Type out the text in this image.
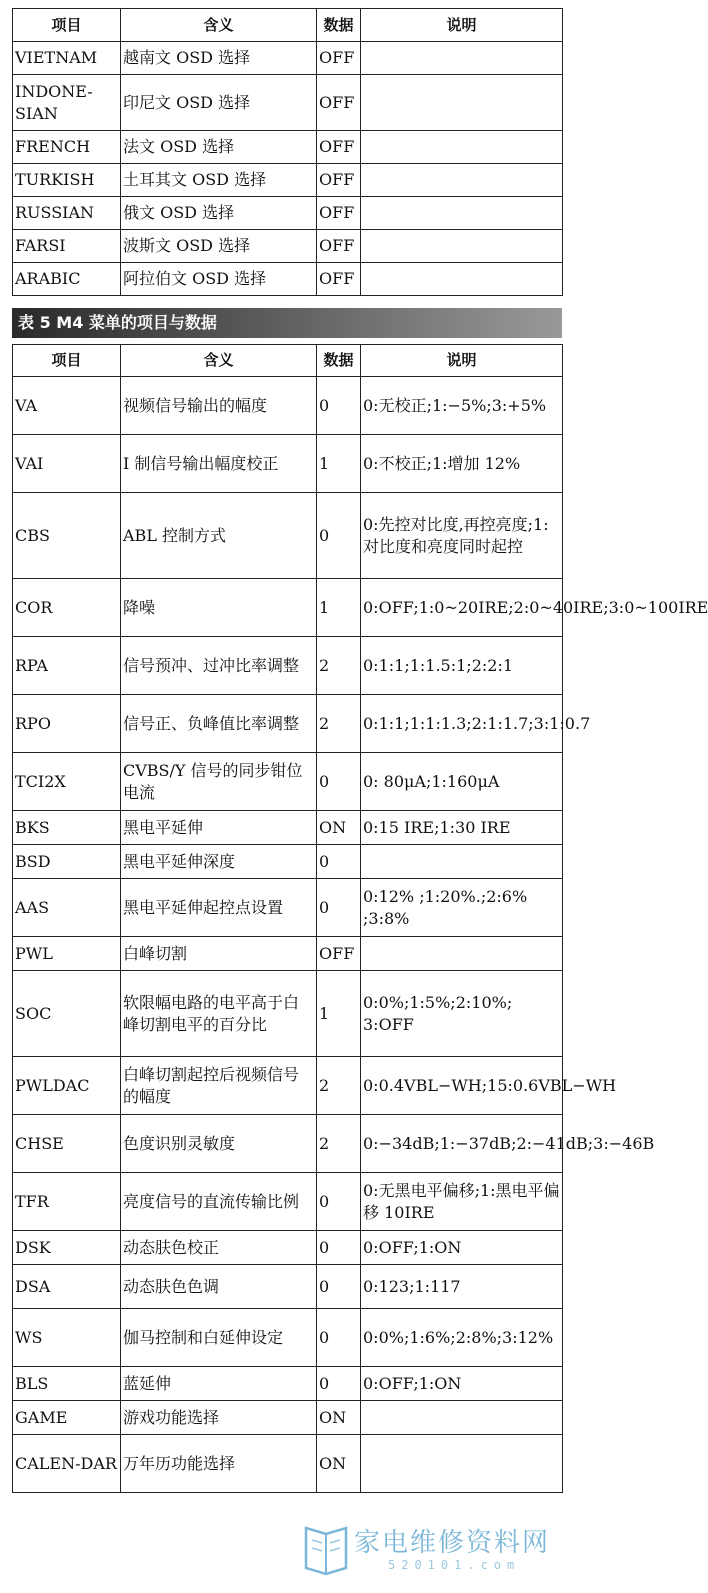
项目	含义	数据	说明
VIETNAM	越南文 OSD 选择	OFF	
INDONE-SIAN	印尼文 OSD 选择	OFF	
FRENCH	法文 OSD 选择	OFF	
TURKISH	土耳其文 OSD 选择	OFF	
RUSSIAN	俄文 OSD 选择	OFF	
FARSI	波斯文 OSD 选择	OFF	
ARABIC	阿拉伯文 OSD 选择	OFF	
表 5 M4 菜单的项目与数据
项目	含义	数据	说明
VA	视频信号输出的幅度	0	0:无校正;1:−5%;3:+5%
VAI	I 制信号输出幅度校正	1	0:不校正;1:增加 12%
CBS	ABL 控制方式	0	0:先控对比度,再控亮度;1:对比度和亮度同时起控
COR	降噪	1	0:OFF;1:0~20IRE;2:0~40IRE;3:0~100IRE
RPA	信号预冲、过冲比率调整	2	0:1:1;1:1.5:1;2:2:1
RPO	信号正、负峰值比率调整	2	0:1:1;1:1:1.3;2:1:1.7;3:1:0.7
TCI2X	CVBS/Y 信号的同步钳位电流	0	0: 80μA;1:160μA
BKS	黑电平延伸	ON	0:15 IRE;1:30 IRE
BSD	黑电平延伸深度	0	
AAS	黑电平延伸起控点设置	0	0:12% ;1:20%.;2:6% ;3:8%
PWL	白峰切割	OFF	
SOC	软限幅电路的电平高于白峰切割电平的百分比	1	0:0%;1:5%;2:10%; 3:OFF
PWLDAC	白峰切割起控后视频信号的幅度	2	0:0.4VBL−WH;15:0.6VBL−WH
CHSE	色度识别灵敏度	2	0:−34dB;1:−37dB;2:−41dB;3:−46B
TFR	亮度信号的直流传输比例	0	0:无黑电平偏移;1:黑电平偏移 10IRE
DSK	动态肤色校正	0	0:OFF;1:ON
DSA	动态肤色色调	0	0:123;1:117
WS	伽马控制和白延伸设定	0	0:0%;1:6%;2:8%;3:12%
BLS	蓝延伸	0	0:OFF;1:ON
GAME	游戏功能选择	ON	
CALEN-DAR	万年历功能选择	ON	
家电维修资料网
520101.com
